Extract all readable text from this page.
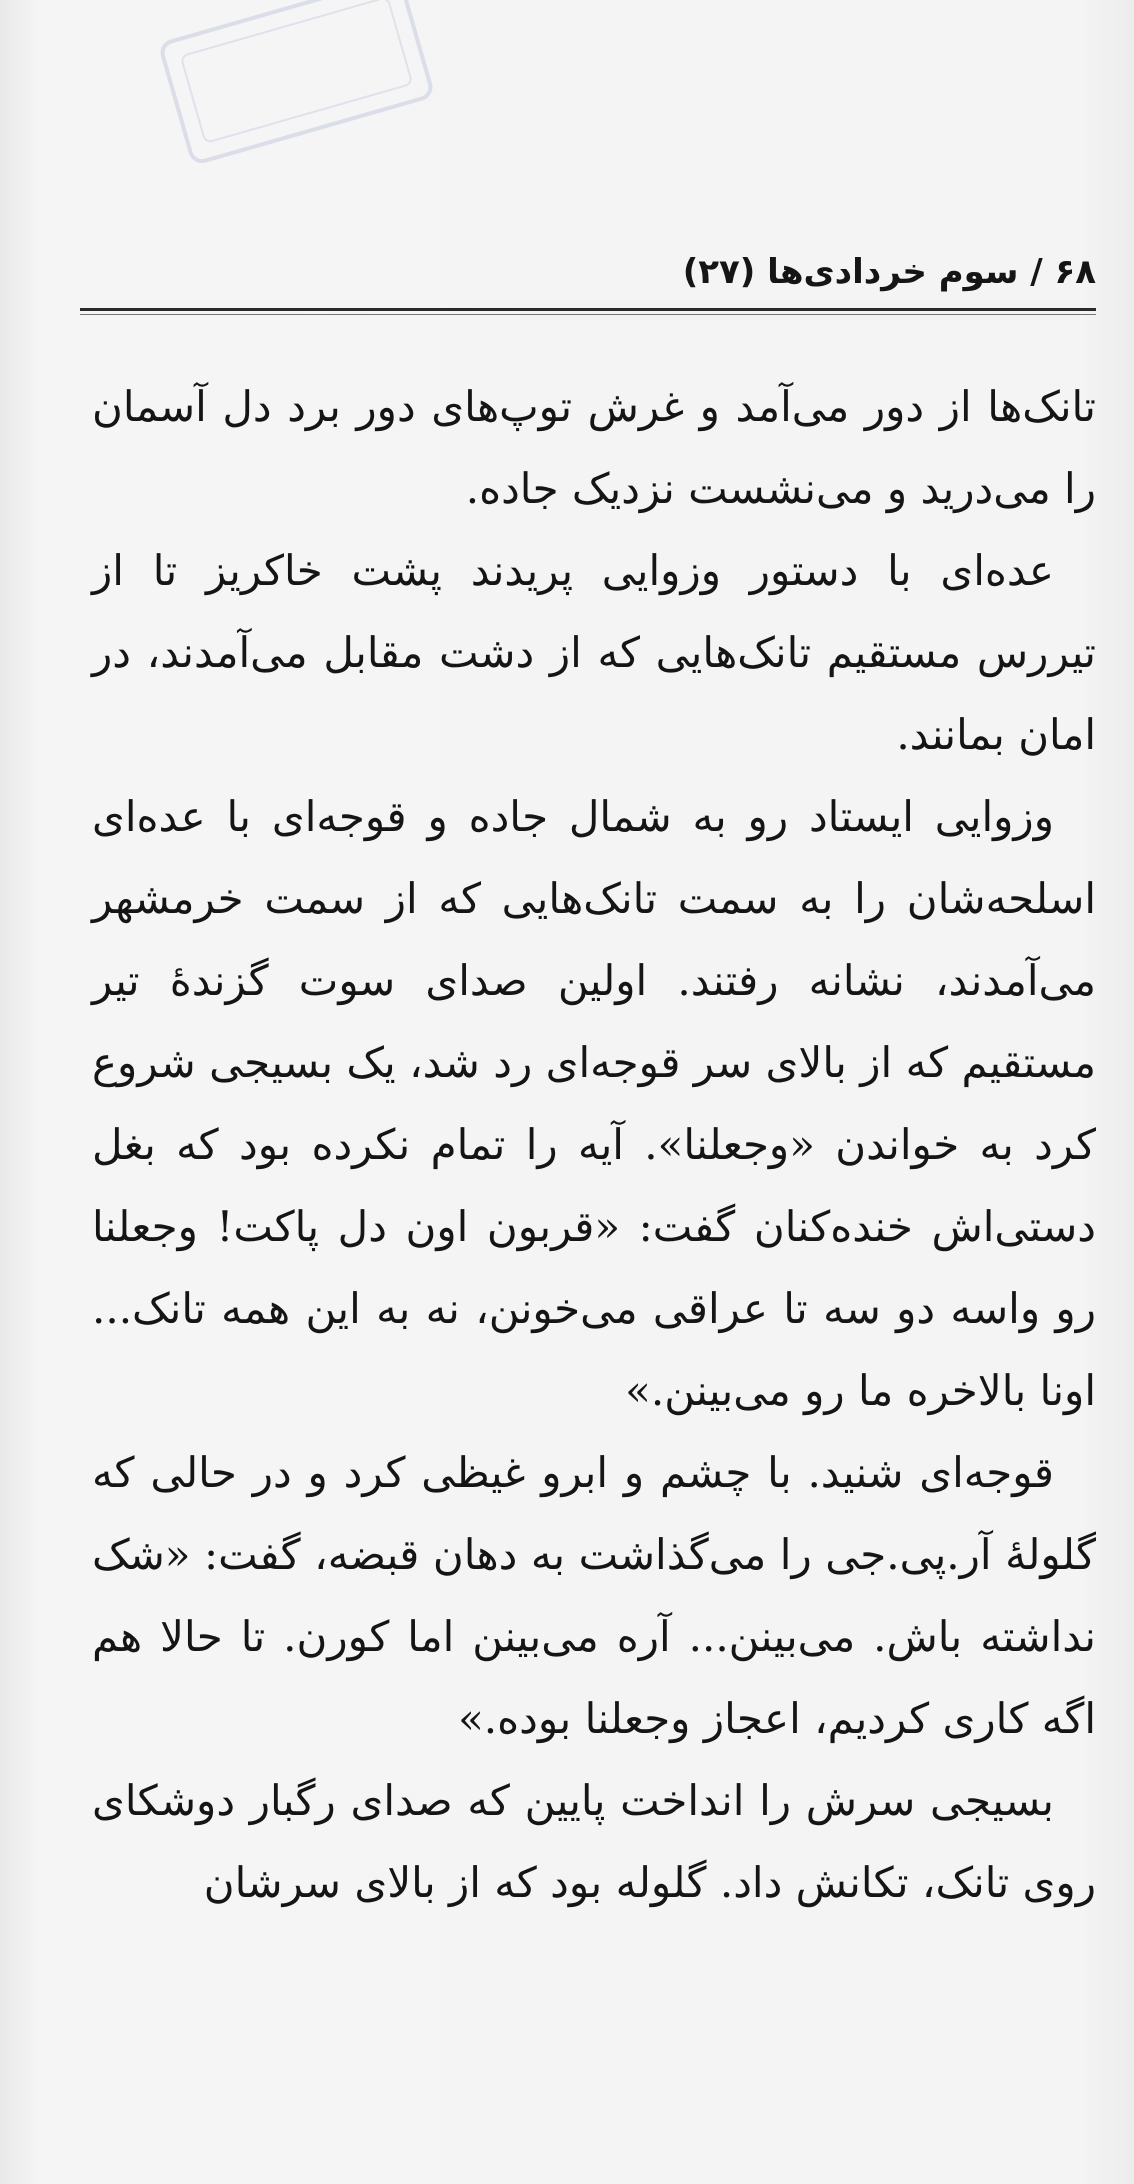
۶۸ / سوم خردادی‌ها (۲۷)

تانک‌ها از دور می‌آمد و غرش توپ‌های دور برد دل آسمان را می‌درید و می‌نشست نزدیک جاده.

عده‌ای با دستور وزوایی پریدند پشت خاکریز تا از تیررس مستقیم تانک‌هایی که از دشت مقابل می‌آمدند، در امان بمانند.

وزوایی ایستاد رو به شمال جاده و قوجه‌ای با عده‌ای اسلحه‌شان را به سمت تانک‌هایی که از سمت خرمشهر می‌آمدند، نشانه رفتند. اولین صدای سوت گزندهٔ تیر مستقیم که از بالای سر قوجه‌ای رد شد، یک بسیجی شروع کرد به خواندن «وجعلنا». آیه را تمام نکرده بود که بغل دستی‌اش خنده‌کنان گفت: «قربون اون دل پاکت! وجعلنا رو واسه دو سه تا عراقی می‌خونن، نه به این همه تانک... اونا بالاخره ما رو می‌بینن.»

قوجه‌ای شنید. با چشم و ابرو غیظی کرد و در حالی که گلولهٔ آر.پی.جی را می‌گذاشت به دهان قبضه، گفت: «شک نداشته باش. می‌بینن... آره می‌بینن اما کورن. تا حالا هم اگه کاری کردیم، اعجاز وجعلنا بوده.»

بسیجی سرش را انداخت پایین که صدای رگبار دوشکای روی تانک، تکانش داد. گلوله بود که از بالای سرشان
